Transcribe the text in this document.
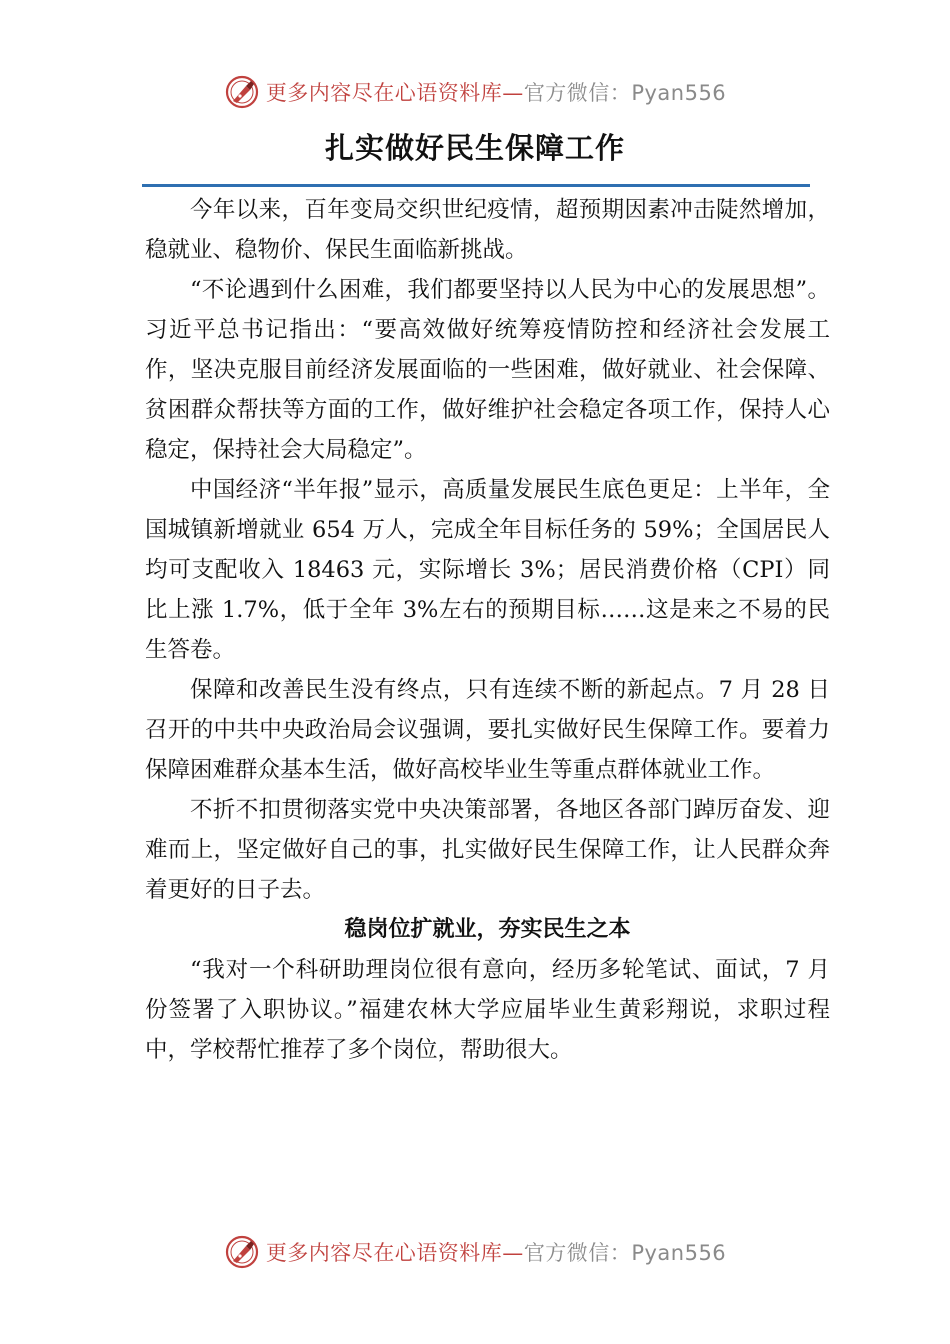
更多内容尽在心语资料库—官方微信：Pyan556
扎实做好民生保障工作

今年以来，百年变局交织世纪疫情，超预期因素冲击陡然增加，稳就业、稳物价、保民生面临新挑战。

“不论遇到什么困难，我们都要坚持以人民为中心的发展思想”。习近平总书记指出：“要高效做好统筹疫情防控和经济社会发展工作，坚决克服目前经济发展面临的一些困难，做好就业、社会保障、贫困群众帮扶等方面的工作，做好维护社会稳定各项工作，保持人心稳定，保持社会大局稳定”。

中国经济“半年报”显示，高质量发展民生底色更足：上半年，全国城镇新增就业 654 万人，完成全年目标任务的 59%；全国居民人均可支配收入 18463 元，实际增长 3%；居民消费价格（CPI）同比上涨 1.7%，低于全年 3%左右的预期目标……这是来之不易的民生答卷。

保障和改善民生没有终点，只有连续不断的新起点。7 月 28 日召开的中共中央政治局会议强调，要扎实做好民生保障工作。要着力保障困难群众基本生活，做好高校毕业生等重点群体就业工作。

不折不扣贯彻落实党中央决策部署，各地区各部门踔厉奋发、迎难而上，坚定做好自己的事，扎实做好民生保障工作，让人民群众奔着更好的日子去。

稳岗位扩就业，夯实民生之本

“我对一个科研助理岗位很有意向，经历多轮笔试、面试，7 月份签署了入职协议。”福建农林大学应届毕业生黄彩翔说，求职过程中，学校帮忙推荐了多个岗位，帮助很大。

更多内容尽在心语资料库—官方微信：Pyan556
